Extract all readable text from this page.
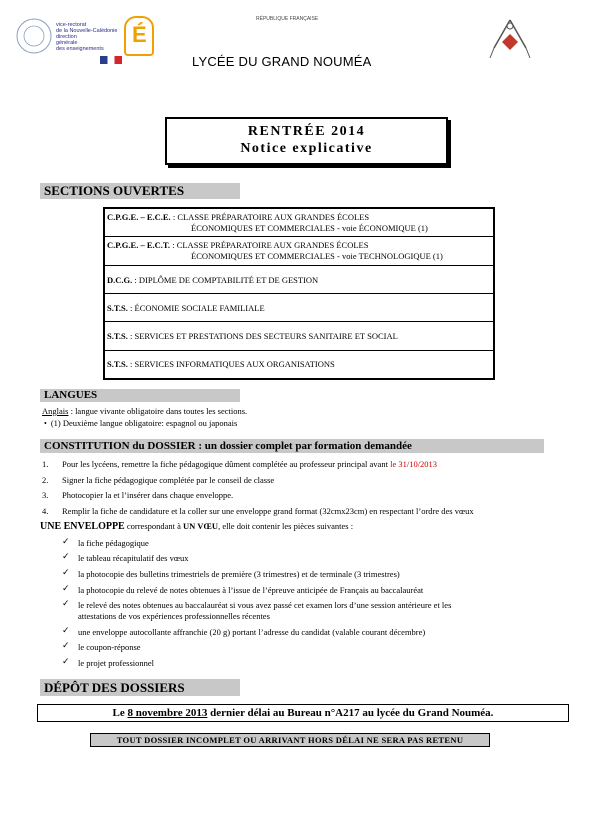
vice-rectorat
de la Nouvelle-Calédonie
direction
générale
des enseignements
É
RÉPUBLIQUE FRANÇAISE
LYCÉE DU GRAND NOUMÉA
RENTRÉE 2014
Notice explicative
SECTIONS OUVERTES
C.P.G.E. – E.C.E. : CLASSE PRÉPARATOIRE AUX GRANDES ÉCOLES
ÉCONOMIQUES ET COMMERCIALES - voie ÉCONOMIQUE (1)
C.P.G.E. – E.C.T. : CLASSE PRÉPARATOIRE AUX GRANDES ÉCOLES
ÉCONOMIQUES ET COMMERCIALES - voie TECHNOLOGIQUE (1)
D.C.G. : DIPLÔME DE COMPTABILITÉ ET DE GESTION
S.T.S. : ÉCONOMIE SOCIALE FAMILIALE
S.T.S. : SERVICES ET PRESTATIONS DES SECTEURS SANITAIRE ET SOCIAL
S.T.S. : SERVICES INFORMATIQUES AUX ORGANISATIONS
LANGUES
Anglais : langue vivante obligatoire dans toutes les sections.
•  (1) Deuxième langue obligatoire: espagnol ou japonais
CONSTITUTION du DOSSIER : un dossier complet par formation demandée
1. Pour les lycéens, remettre la fiche pédagogique dûment complétée au professeur principal avant le 31/10/2013
2. Signer la fiche pédagogique complétée par le conseil de classe
3. Photocopier la et l’insérer dans chaque enveloppe.
4. Remplir la fiche de candidature et la coller sur une enveloppe grand format (32cmx23cm) en respectant l’ordre des vœux
UNE ENVELOPPE correspondant à UN VŒU, elle doit contenir les pièces suivantes :
✓ la fiche pédagogique
✓ le tableau récapitulatif des vœux
✓ la photocopie des bulletins trimestriels de première (3 trimestres) et de terminale (3 trimestres)
✓ la photocopie du relevé de notes obtenues à l’issue de l’épreuve anticipée de Français au baccalauréat
✓ le relevé des notes obtenues au baccalauréat si vous avez passé cet examen lors d’une session antérieure et les
attestations de vos expériences professionnelles récentes
✓ une enveloppe autocollante affranchie (20 g) portant l’adresse du candidat (valable courant décembre)
✓ le coupon-réponse
✓ le projet professionnel
DÉPÔT DES DOSSIERS
Le 8 novembre 2013 dernier délai au Bureau n°A217 au lycée du Grand Nouméa.
TOUT DOSSIER INCOMPLET OU ARRIVANT HORS DÉLAI NE SERA PAS RETENU
